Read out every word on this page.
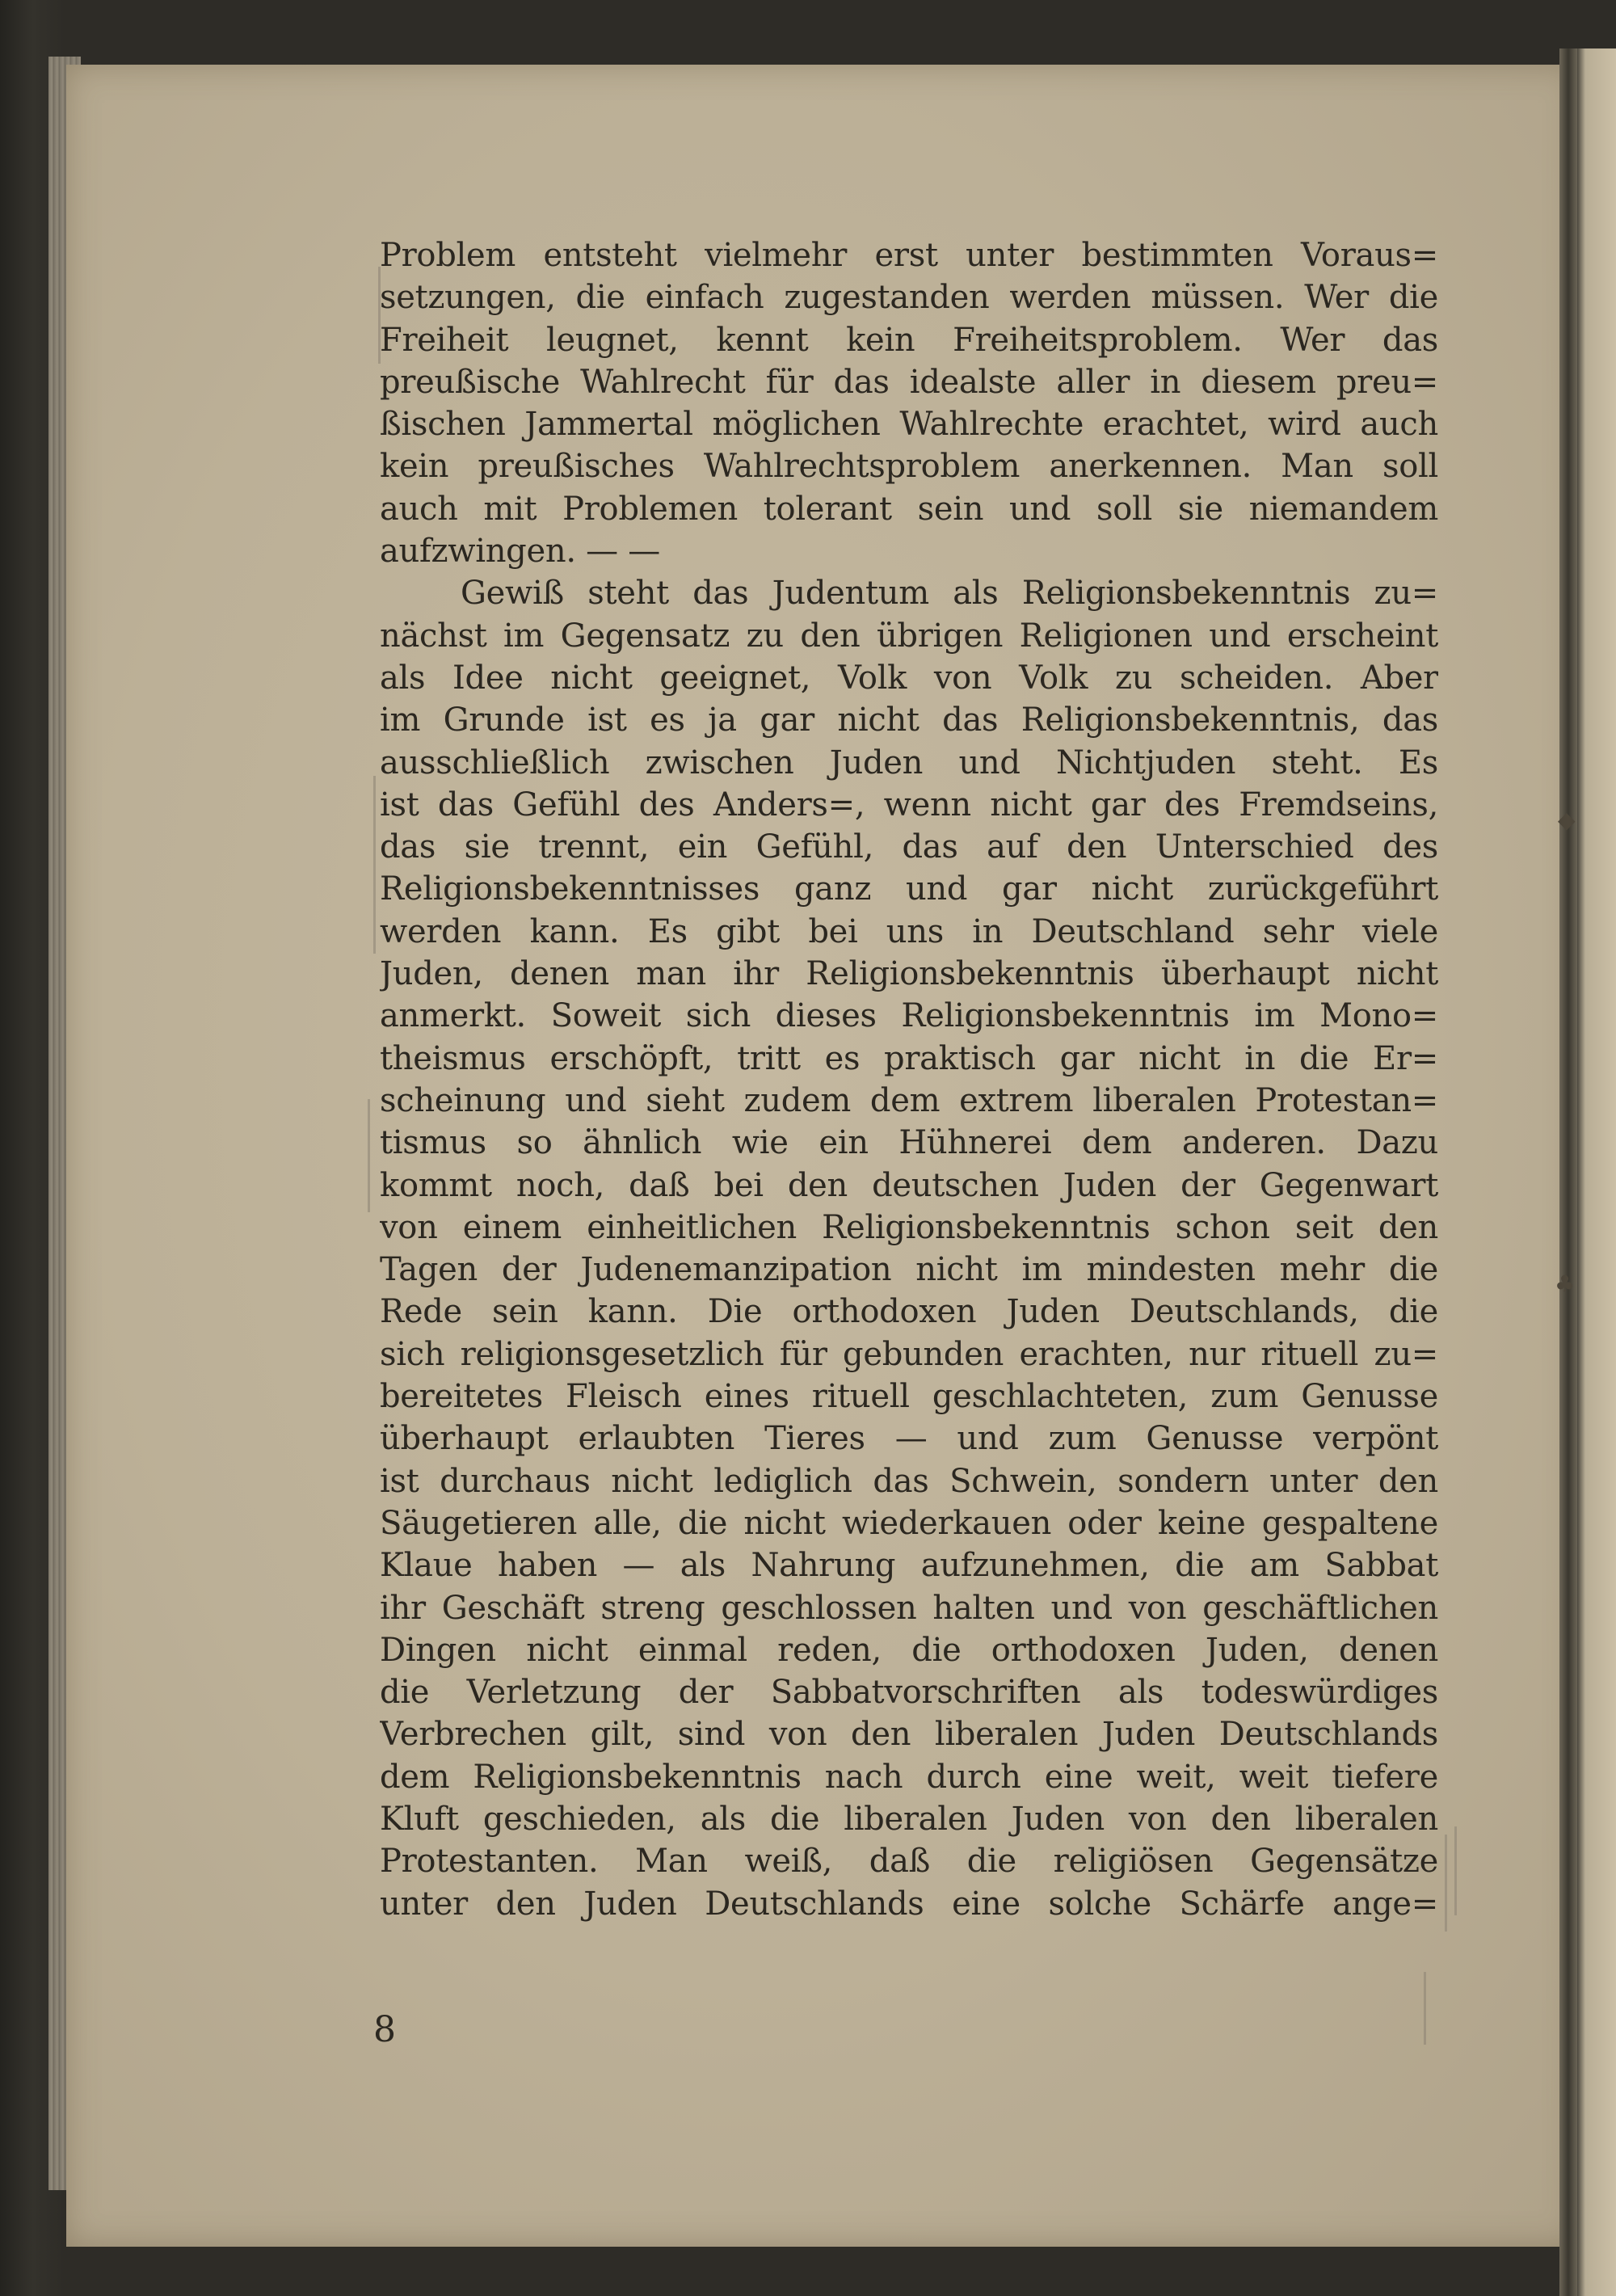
◆
♣
Problem entsteht vielmehr erst unter bestimmten Voraus=
setzungen, die einfach zugestanden werden müssen. Wer die
Freiheit leugnet, kennt kein Freiheitsproblem. Wer das
preußische Wahlrecht für das idealste aller in diesem preu=
ßischen Jammertal möglichen Wahlrechte erachtet, wird auch
kein preußisches Wahlrechtsproblem anerkennen. Man soll
auch mit Problemen tolerant sein und soll sie niemandem
aufzwingen. — —
Gewiß steht das Judentum als Religionsbekenntnis zu=
nächst im Gegensatz zu den übrigen Religionen und erscheint
als Idee nicht geeignet, Volk von Volk zu scheiden. Aber
im Grunde ist es ja gar nicht das Religionsbekenntnis, das
ausschließlich zwischen Juden und Nichtjuden steht. Es
ist das Gefühl des Anders=, wenn nicht gar des Fremdseins,
das sie trennt, ein Gefühl, das auf den Unterschied des
Religionsbekenntnisses ganz und gar nicht zurückgeführt
werden kann. Es gibt bei uns in Deutschland sehr viele
Juden, denen man ihr Religionsbekenntnis überhaupt nicht
anmerkt. Soweit sich dieses Religionsbekenntnis im Mono=
theismus erschöpft, tritt es praktisch gar nicht in die Er=
scheinung und sieht zudem dem extrem liberalen Protestan=
tismus so ähnlich wie ein Hühnerei dem anderen. Dazu
kommt noch, daß bei den deutschen Juden der Gegenwart
von einem einheitlichen Religionsbekenntnis schon seit den
Tagen der Judenemanzipation nicht im mindesten mehr die
Rede sein kann. Die orthodoxen Juden Deutschlands, die
sich religionsgesetzlich für gebunden erachten, nur rituell zu=
bereitetes Fleisch eines rituell geschlachteten, zum Genusse
überhaupt erlaubten Tieres — und zum Genusse verpönt
ist durchaus nicht lediglich das Schwein, sondern unter den
Säugetieren alle, die nicht wiederkauen oder keine gespaltene
Klaue haben — als Nahrung aufzunehmen, die am Sabbat
ihr Geschäft streng geschlossen halten und von geschäftlichen
Dingen nicht einmal reden, die orthodoxen Juden, denen
die Verletzung der Sabbatvorschriften als todeswürdiges
Verbrechen gilt, sind von den liberalen Juden Deutschlands
dem Religionsbekenntnis nach durch eine weit, weit tiefere
Kluft geschieden, als die liberalen Juden von den liberalen
Protestanten. Man weiß, daß die religiösen Gegensätze
unter den Juden Deutschlands eine solche Schärfe ange=
8
